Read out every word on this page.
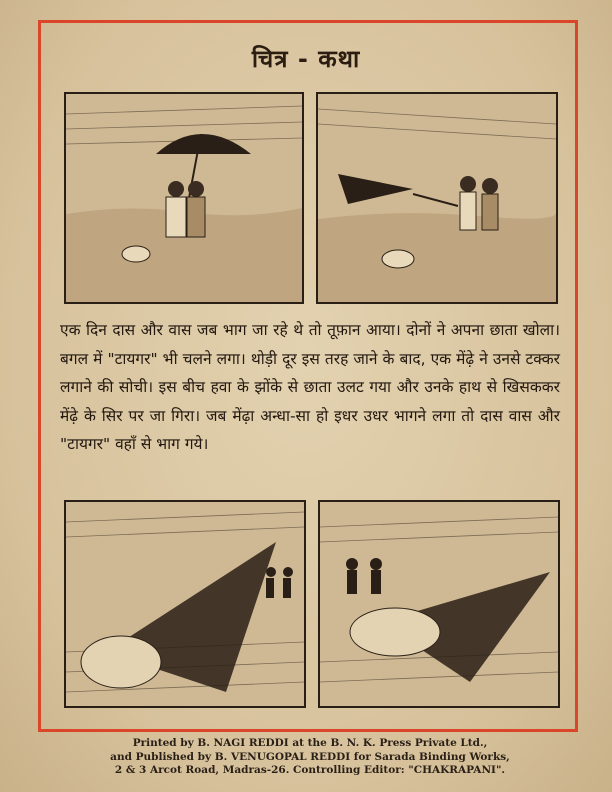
चित्र - कथा
एक दिन दास और वास जब भाग जा रहे थे तो तूफ़ान आया। दोनों ने अपना छाता खोला। बगल में "टायगर" भी चलने लगा। थोड़ी दूर इस तरह जाने के बाद, एक मेंढ़े ने उनसे टक्कर लगाने की सोची। इस बीच हवा के झोंके से छाता उलट गया और उनके हाथ से खिसककर मेंढ़े के सिर पर जा गिरा। जब मेंढ़ा अन्धा-सा हो इधर उधर भागने लगा तो दास वास और "टायगर" वहाँ से भाग गये।
Printed by B. NAGI REDDI at the B. N. K. Press Private Ltd.,
and Published by B. VENUGOPAL REDDI for Sarada Binding Works,
2 & 3 Arcot Road, Madras-26. Controlling Editor: "CHAKRAPANI".
